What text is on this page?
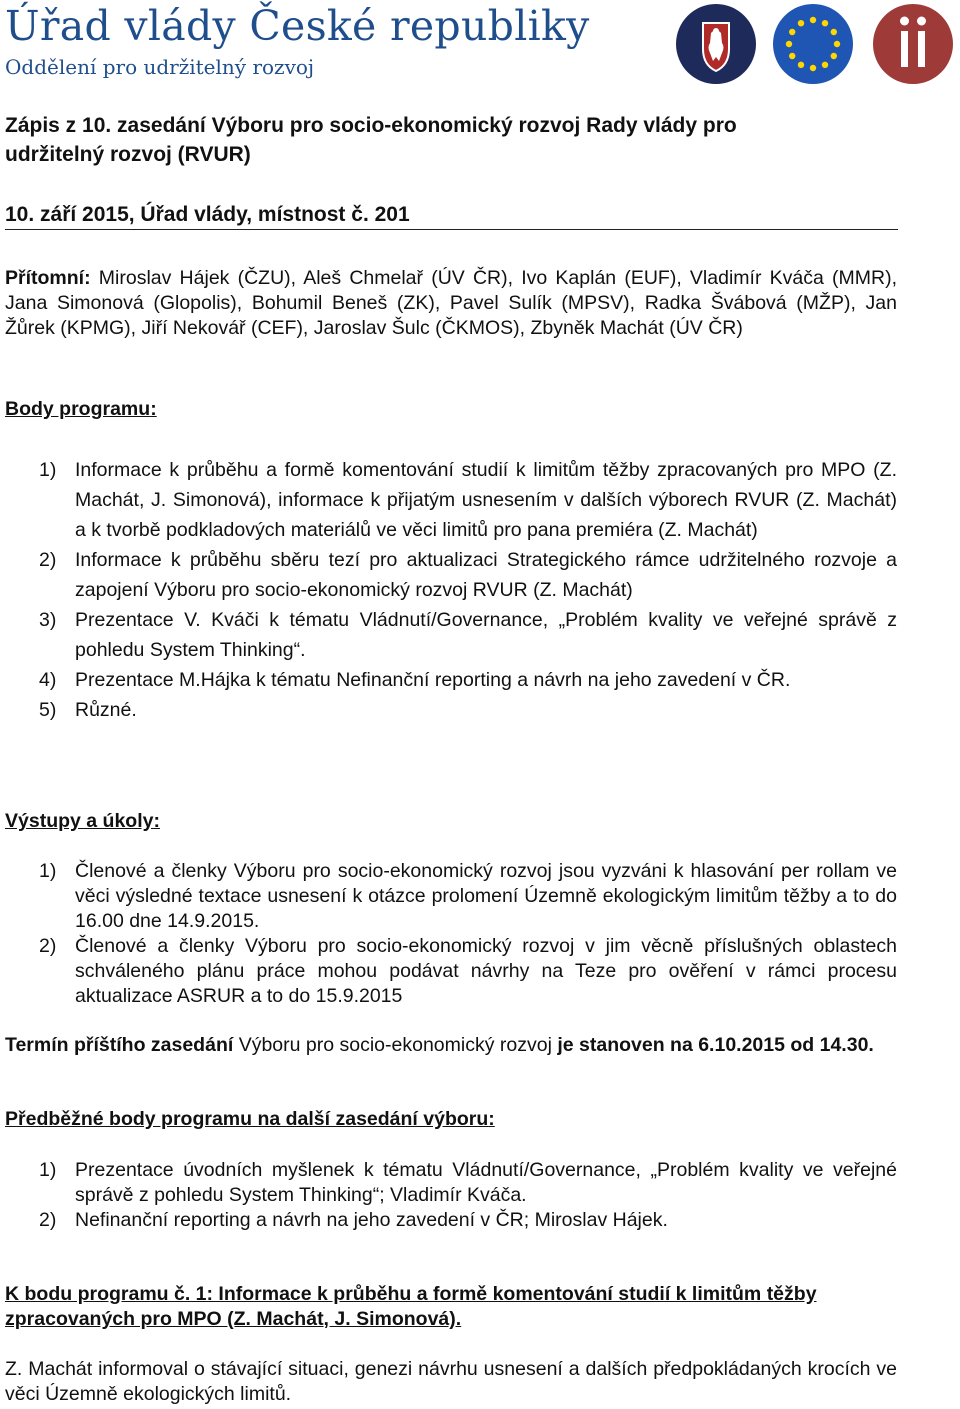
Úřad vlády České republiky
Oddělení pro udržitelný rozvoj
Zápis z 10. zasedání Výboru pro socio-ekonomický rozvoj Rady vlády pro
udržitelný rozvoj (RVUR)
10. září 2015, Úřad vlády, místnost č. 201
Přítomní: Miroslav Hájek (ČZU), Aleš Chmelař (ÚV ČR), Ivo Kaplán (EUF), Vladimír Kváča (MMR), Jana Simonová (Glopolis), Bohumil Beneš (ZK), Pavel Sulík (MPSV), Radka Švábová (MŽP), Jan Žůrek (KPMG), Jiří Nekovář (CEF), Jaroslav Šulc (ČKMOS), Zbyněk Machát (ÚV ČR)
Body programu:
1) Informace k průběhu a formě komentování studií k limitům těžby zpracovaných pro MPO (Z. Machát, J. Simonová), informace k přijatým usnesením v dalších výborech RVUR (Z. Machát) a k tvorbě podkladových materiálů ve věci limitů pro pana premiéra (Z. Machát)
2) Informace k průběhu sběru tezí pro aktualizaci Strategického rámce udržitelného rozvoje a zapojení Výboru pro socio-ekonomický rozvoj RVUR (Z. Machát)
3) Prezentace V. Kváči k tématu Vládnutí/Governance, „Problém kvality ve veřejné správě z pohledu System Thinking“.
4) Prezentace M.Hájka k tématu Nefinanční reporting a návrh na jeho zavedení v ČR.
5) Různé.
Výstupy a úkoly:
1) Členové a členky Výboru pro socio-ekonomický rozvoj jsou vyzváni k hlasování per rollam ve věci výsledné textace usnesení k otázce prolomení Územně ekologickým limitům těžby a to do 16.00 dne 14.9.2015.
2) Členové a členky Výboru pro socio-ekonomický rozvoj v jim věcně příslušných oblastech schváleného plánu práce mohou podávat návrhy na Teze pro ověření v rámci procesu aktualizace ASRUR a to do 15.9.2015
Termín příštího zasedání Výboru pro socio-ekonomický rozvoj je stanoven na 6.10.2015 od 14.30.
Předběžné body programu na další zasedání výboru:
1) Prezentace úvodních myšlenek k tématu Vládnutí/Governance, „Problém kvality ve veřejné správě z pohledu System Thinking“; Vladimír Kváča.
2) Nefinanční reporting a návrh na jeho zavedení v ČR; Miroslav Hájek.
K bodu programu č. 1: Informace k průběhu a formě komentování studií k limitům těžby zpracovaných pro MPO (Z. Machát, J. Simonová).
Z. Machát informoval o stávající situaci, genezi návrhu usnesení a dalších předpokládaných krocích ve věci Územně ekologických limitů.
